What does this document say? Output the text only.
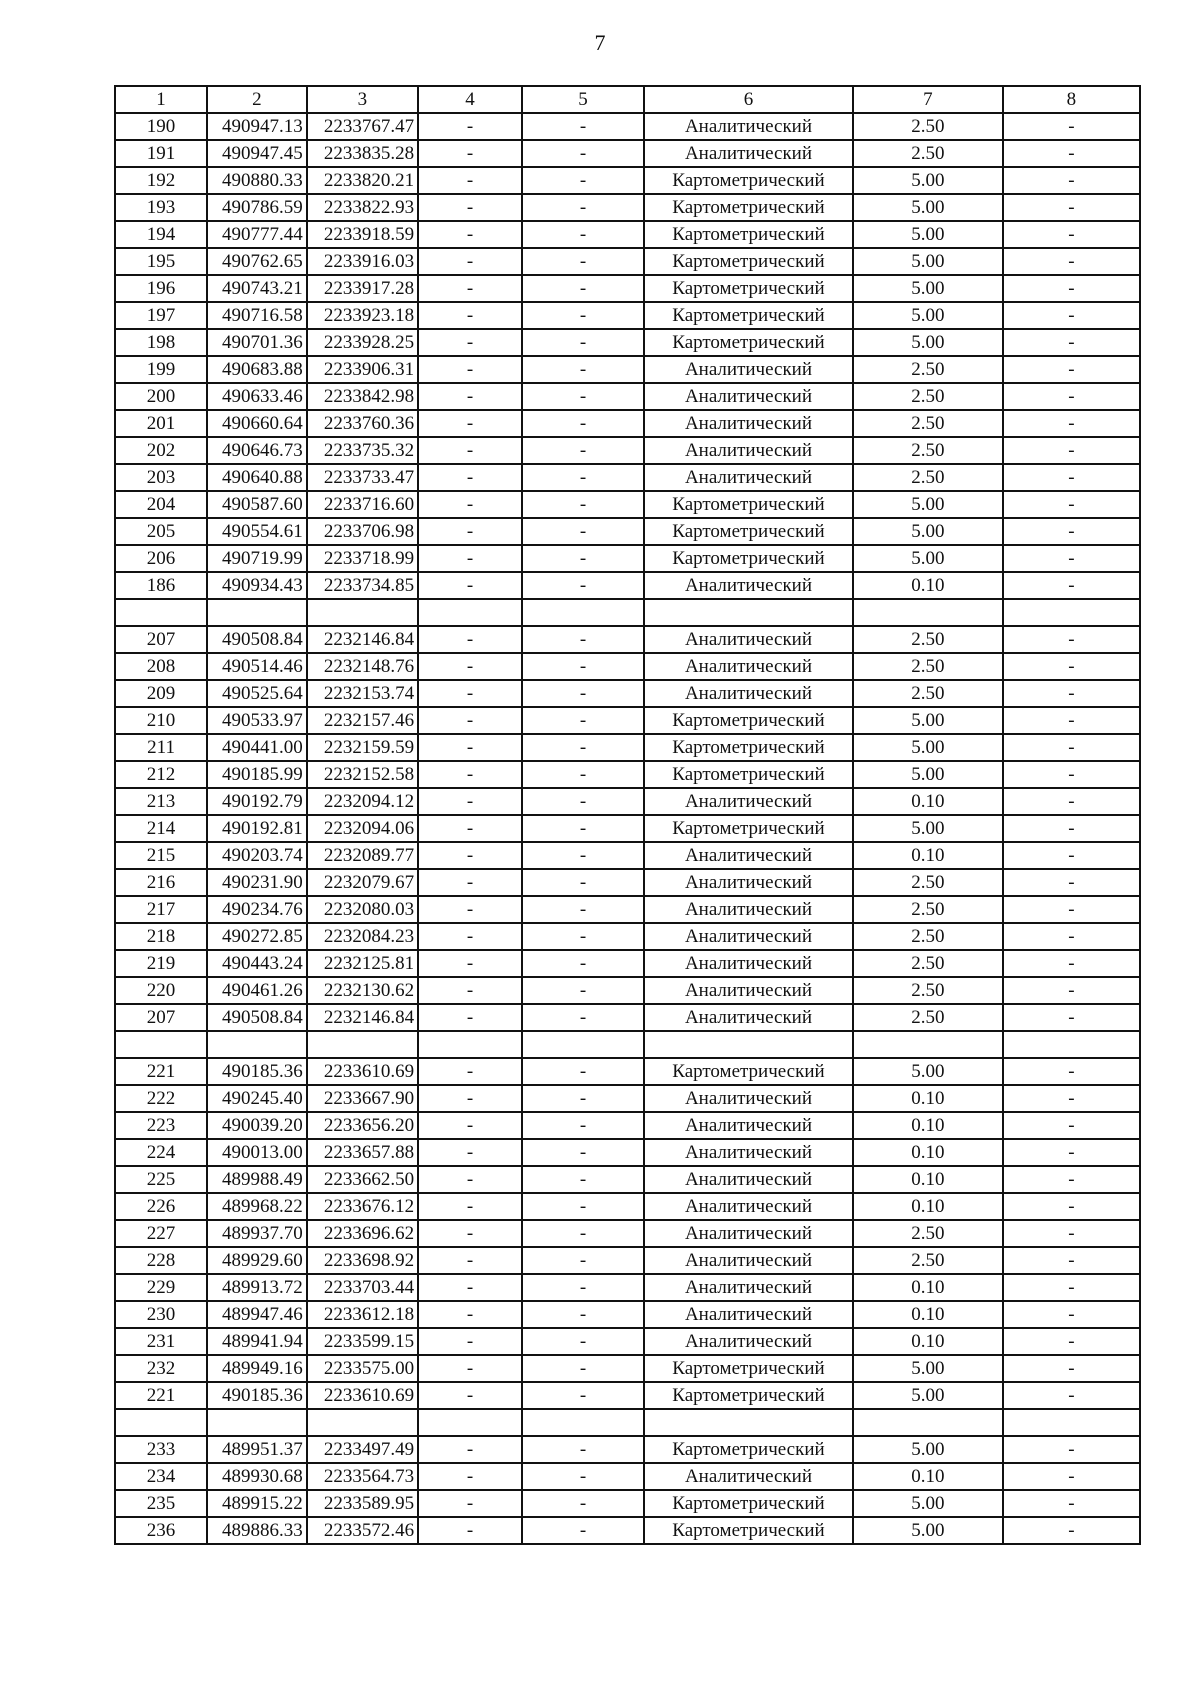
7
1	2	3	4	5	6	7	8
190	490947.13	2233767.47	-	-	Аналитический	2.50	-
191	490947.45	2233835.28	-	-	Аналитический	2.50	-
192	490880.33	2233820.21	-	-	Картометрический	5.00	-
193	490786.59	2233822.93	-	-	Картометрический	5.00	-
194	490777.44	2233918.59	-	-	Картометрический	5.00	-
195	490762.65	2233916.03	-	-	Картометрический	5.00	-
196	490743.21	2233917.28	-	-	Картометрический	5.00	-
197	490716.58	2233923.18	-	-	Картометрический	5.00	-
198	490701.36	2233928.25	-	-	Картометрический	5.00	-
199	490683.88	2233906.31	-	-	Аналитический	2.50	-
200	490633.46	2233842.98	-	-	Аналитический	2.50	-
201	490660.64	2233760.36	-	-	Аналитический	2.50	-
202	490646.73	2233735.32	-	-	Аналитический	2.50	-
203	490640.88	2233733.47	-	-	Аналитический	2.50	-
204	490587.60	2233716.60	-	-	Картометрический	5.00	-
205	490554.61	2233706.98	-	-	Картометрический	5.00	-
206	490719.99	2233718.99	-	-	Картометрический	5.00	-
186	490934.43	2233734.85	-	-	Аналитический	0.10	-

207	490508.84	2232146.84	-	-	Аналитический	2.50	-
208	490514.46	2232148.76	-	-	Аналитический	2.50	-
209	490525.64	2232153.74	-	-	Аналитический	2.50	-
210	490533.97	2232157.46	-	-	Картометрический	5.00	-
211	490441.00	2232159.59	-	-	Картометрический	5.00	-
212	490185.99	2232152.58	-	-	Картометрический	5.00	-
213	490192.79	2232094.12	-	-	Аналитический	0.10	-
214	490192.81	2232094.06	-	-	Картометрический	5.00	-
215	490203.74	2232089.77	-	-	Аналитический	0.10	-
216	490231.90	2232079.67	-	-	Аналитический	2.50	-
217	490234.76	2232080.03	-	-	Аналитический	2.50	-
218	490272.85	2232084.23	-	-	Аналитический	2.50	-
219	490443.24	2232125.81	-	-	Аналитический	2.50	-
220	490461.26	2232130.62	-	-	Аналитический	2.50	-
207	490508.84	2232146.84	-	-	Аналитический	2.50	-

221	490185.36	2233610.69	-	-	Картометрический	5.00	-
222	490245.40	2233667.90	-	-	Аналитический	0.10	-
223	490039.20	2233656.20	-	-	Аналитический	0.10	-
224	490013.00	2233657.88	-	-	Аналитический	0.10	-
225	489988.49	2233662.50	-	-	Аналитический	0.10	-
226	489968.22	2233676.12	-	-	Аналитический	0.10	-
227	489937.70	2233696.62	-	-	Аналитический	2.50	-
228	489929.60	2233698.92	-	-	Аналитический	2.50	-
229	489913.72	2233703.44	-	-	Аналитический	0.10	-
230	489947.46	2233612.18	-	-	Аналитический	0.10	-
231	489941.94	2233599.15	-	-	Аналитический	0.10	-
232	489949.16	2233575.00	-	-	Картометрический	5.00	-
221	490185.36	2233610.69	-	-	Картометрический	5.00	-

233	489951.37	2233497.49	-	-	Картометрический	5.00	-
234	489930.68	2233564.73	-	-	Аналитический	0.10	-
235	489915.22	2233589.95	-	-	Картометрический	5.00	-
236	489886.33	2233572.46	-	-	Картометрический	5.00	-
